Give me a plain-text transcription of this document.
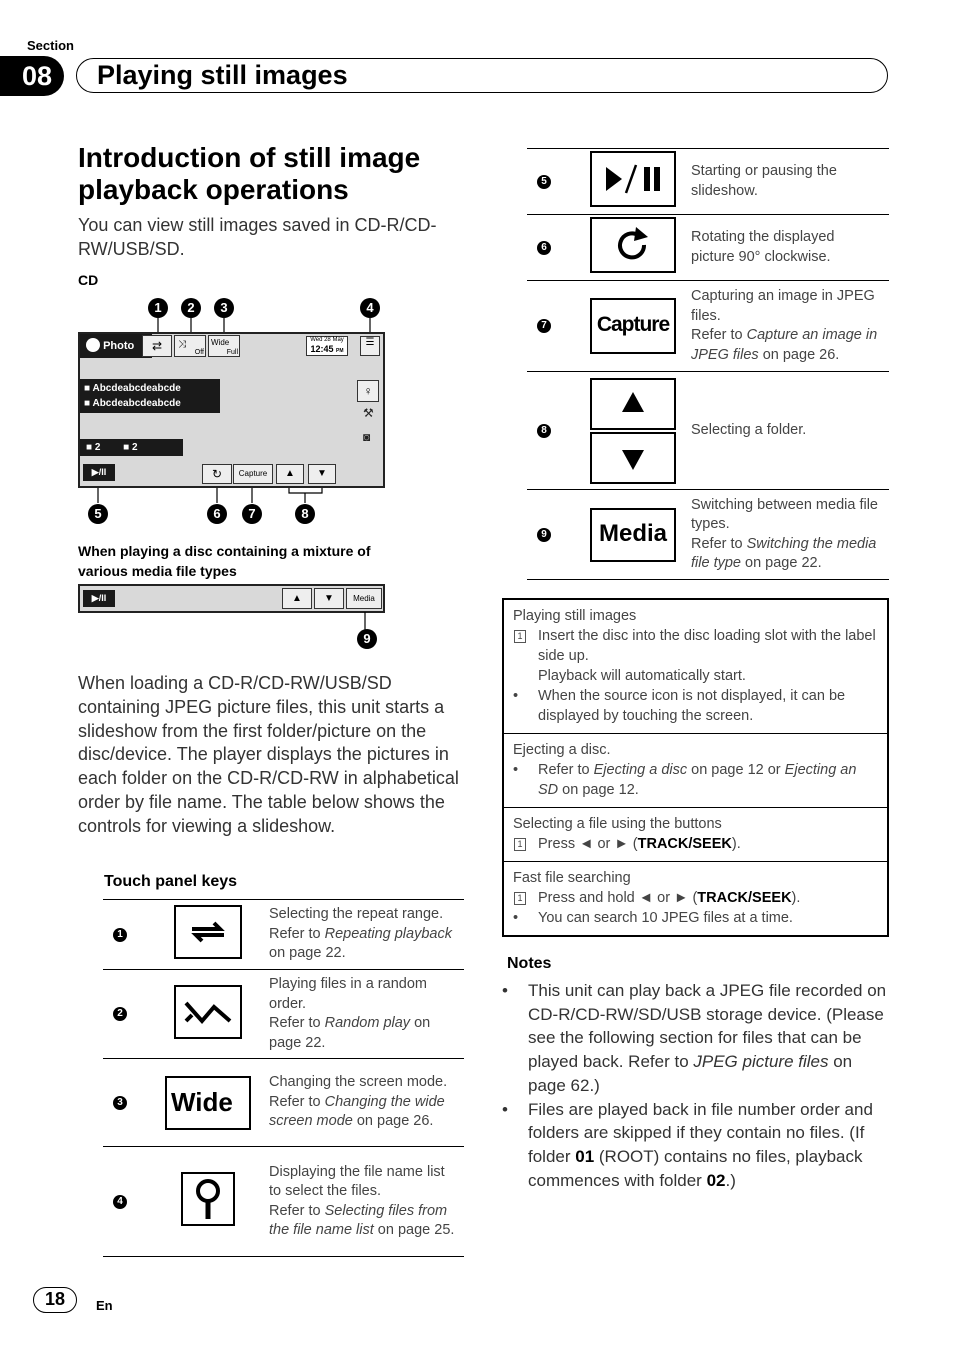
Section
08	Playing still images
Introduction of still image playback operations

You can view still images saved in CD-R/CD-RW/USB/SD.

CD
1	2	3	4
Photo	⇄	⤨
Off
Wide
Full
Wed 28 May
12:45 PM
☰
■ Abcdeabcdeabcde
■ Abcdeabcdeabcde
■ 2 ■ 2
♀
⚒
◙
▶/II	↻	Capture	▲	▼
5	6	7	8
When playing a disc containing a mixture of various media file types
▶/II	▲	▼	Media
9

When loading a CD-R/CD-RW/USB/SD containing JPEG picture files, this unit starts a slideshow from the first folder/picture on the disc/device. The player displays the pictures in each folder on the CD-R/CD-RW in alphabetical order by file name. The table below shows the controls for viewing a slideshow.

Touch panel keys
1		Selecting the repeat range.
Refer to Repeating playback on page 22.

2		Playing files in a random order.
Refer to Random play on page 22.

3	Wide	Changing the screen mode.
Refer to Changing the wide screen mode on page 26.

4		Displaying the file name list to select the files.
Refer to Selecting files from the file name list on page 25.
5		Starting or pausing the slideshow.

6		Rotating the displayed picture 90° clockwise.

7	Capture	Capturing an image in JPEG files.
Refer to Capture an image in JPEG files on page 26.

8		Selecting a folder.

9	Media	Switching between media file types.
Refer to Switching the media file type on page 22.
Playing still images
1	Insert the disc into the disc loading slot with the label side up.
Playback will automatically start.
•	When the source icon is not displayed, it can be displayed by touching the screen.
Ejecting a disc.
•	Refer to Ejecting a disc on page 12 or Ejecting an SD on page 12.
Selecting a file using the buttons
1	Press ◄ or ► (TRACK/SEEK).
Fast file searching
1	Press and hold ◄ or ► (TRACK/SEEK).
•	You can search 10 JPEG files at a time.
Notes
•	This unit can play back a JPEG file recorded on CD-R/CD-RW/SD/USB storage device. (Please see the following section for files that can be played back. Refer to JPEG picture files on page 62.)
•	Files are played back in file number order and folders are skipped if they contain no files. (If folder 01 (ROOT) contains no files, playback commences with folder 02.)
18	En
